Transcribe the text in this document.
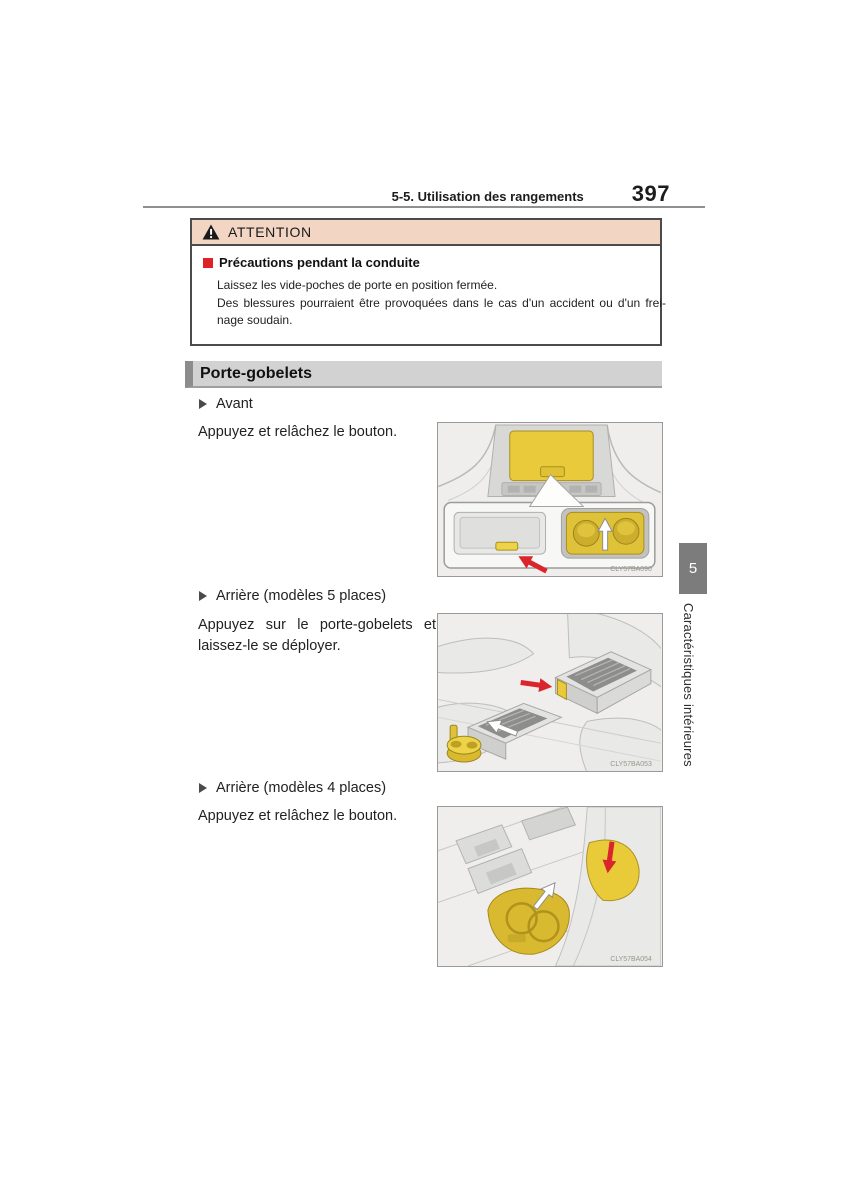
5-5. Utilisation des rangements 397
ATTENTION
Précautions pendant la conduite
Laissez les vide-poches de porte en position fermée.
Des blessures pourraient être provoquées dans le cas d'un accident ou d'un frei-
nage soudain.
Porte-gobelets
Avant
Appuyez et relâchez le bouton.
CLY57BA090
Arrière (modèles 5 places)
Appuyez sur le porte-gobelets et
laissez-le se déployer.
CLY57BA053
Arrière (modèles 4 places)
Appuyez et relâchez le bouton.
CLY57BA054
5
Caractéristiques intérieures
